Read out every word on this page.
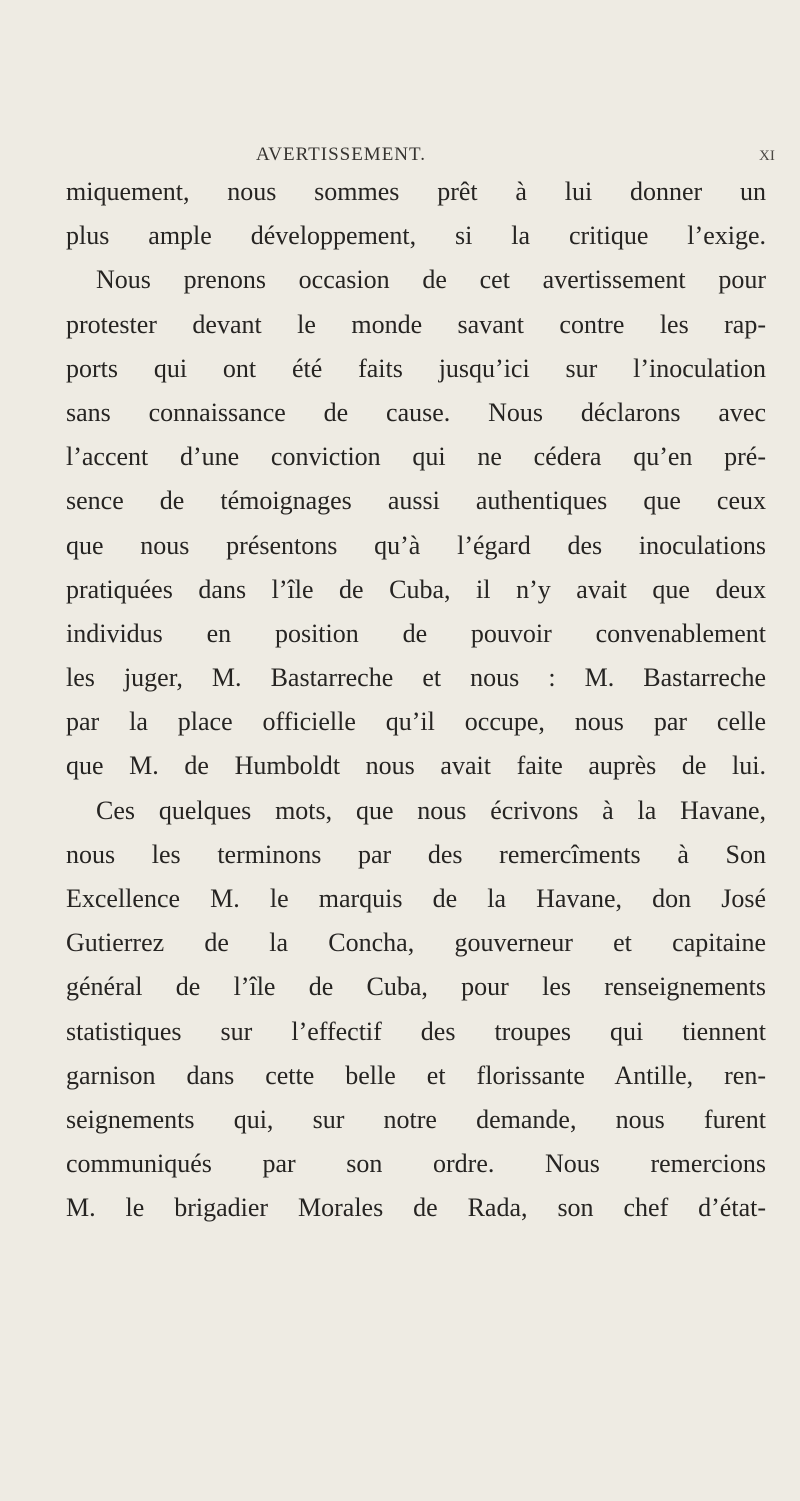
AVERTISSEMENT.	XI
miquement, nous sommes prêt à lui donner un
plus ample développement, si la critique l’exige.
Nous prenons occasion de cet avertissement pour
protester devant le monde savant contre les rap-
ports qui ont été faits jusqu’ici sur l’inoculation
sans connaissance de cause. Nous déclarons avec
l’accent d’une conviction qui ne cédera qu’en pré-
sence de témoignages aussi authentiques que ceux
que nous présentons qu’à l’égard des inoculations
pratiquées dans l’île de Cuba, il n’y avait que deux
individus en position de pouvoir convenablement
les juger, M. Bastarreche et nous : M. Bastarreche
par la place officielle qu’il occupe, nous par celle
que M. de Humboldt nous avait faite auprès de lui.
Ces quelques mots, que nous écrivons à la Havane,
nous les terminons par des remercîments à Son
Excellence M. le marquis de la Havane, don José
Gutierrez de la Concha, gouverneur et capitaine
général de l’île de Cuba, pour les renseignements
statistiques sur l’effectif des troupes qui tiennent
garnison dans cette belle et florissante Antille, ren-
seignements qui, sur notre demande, nous furent
communiqués par son ordre. Nous remercions
M. le brigadier Morales de Rada, son chef d’état-
